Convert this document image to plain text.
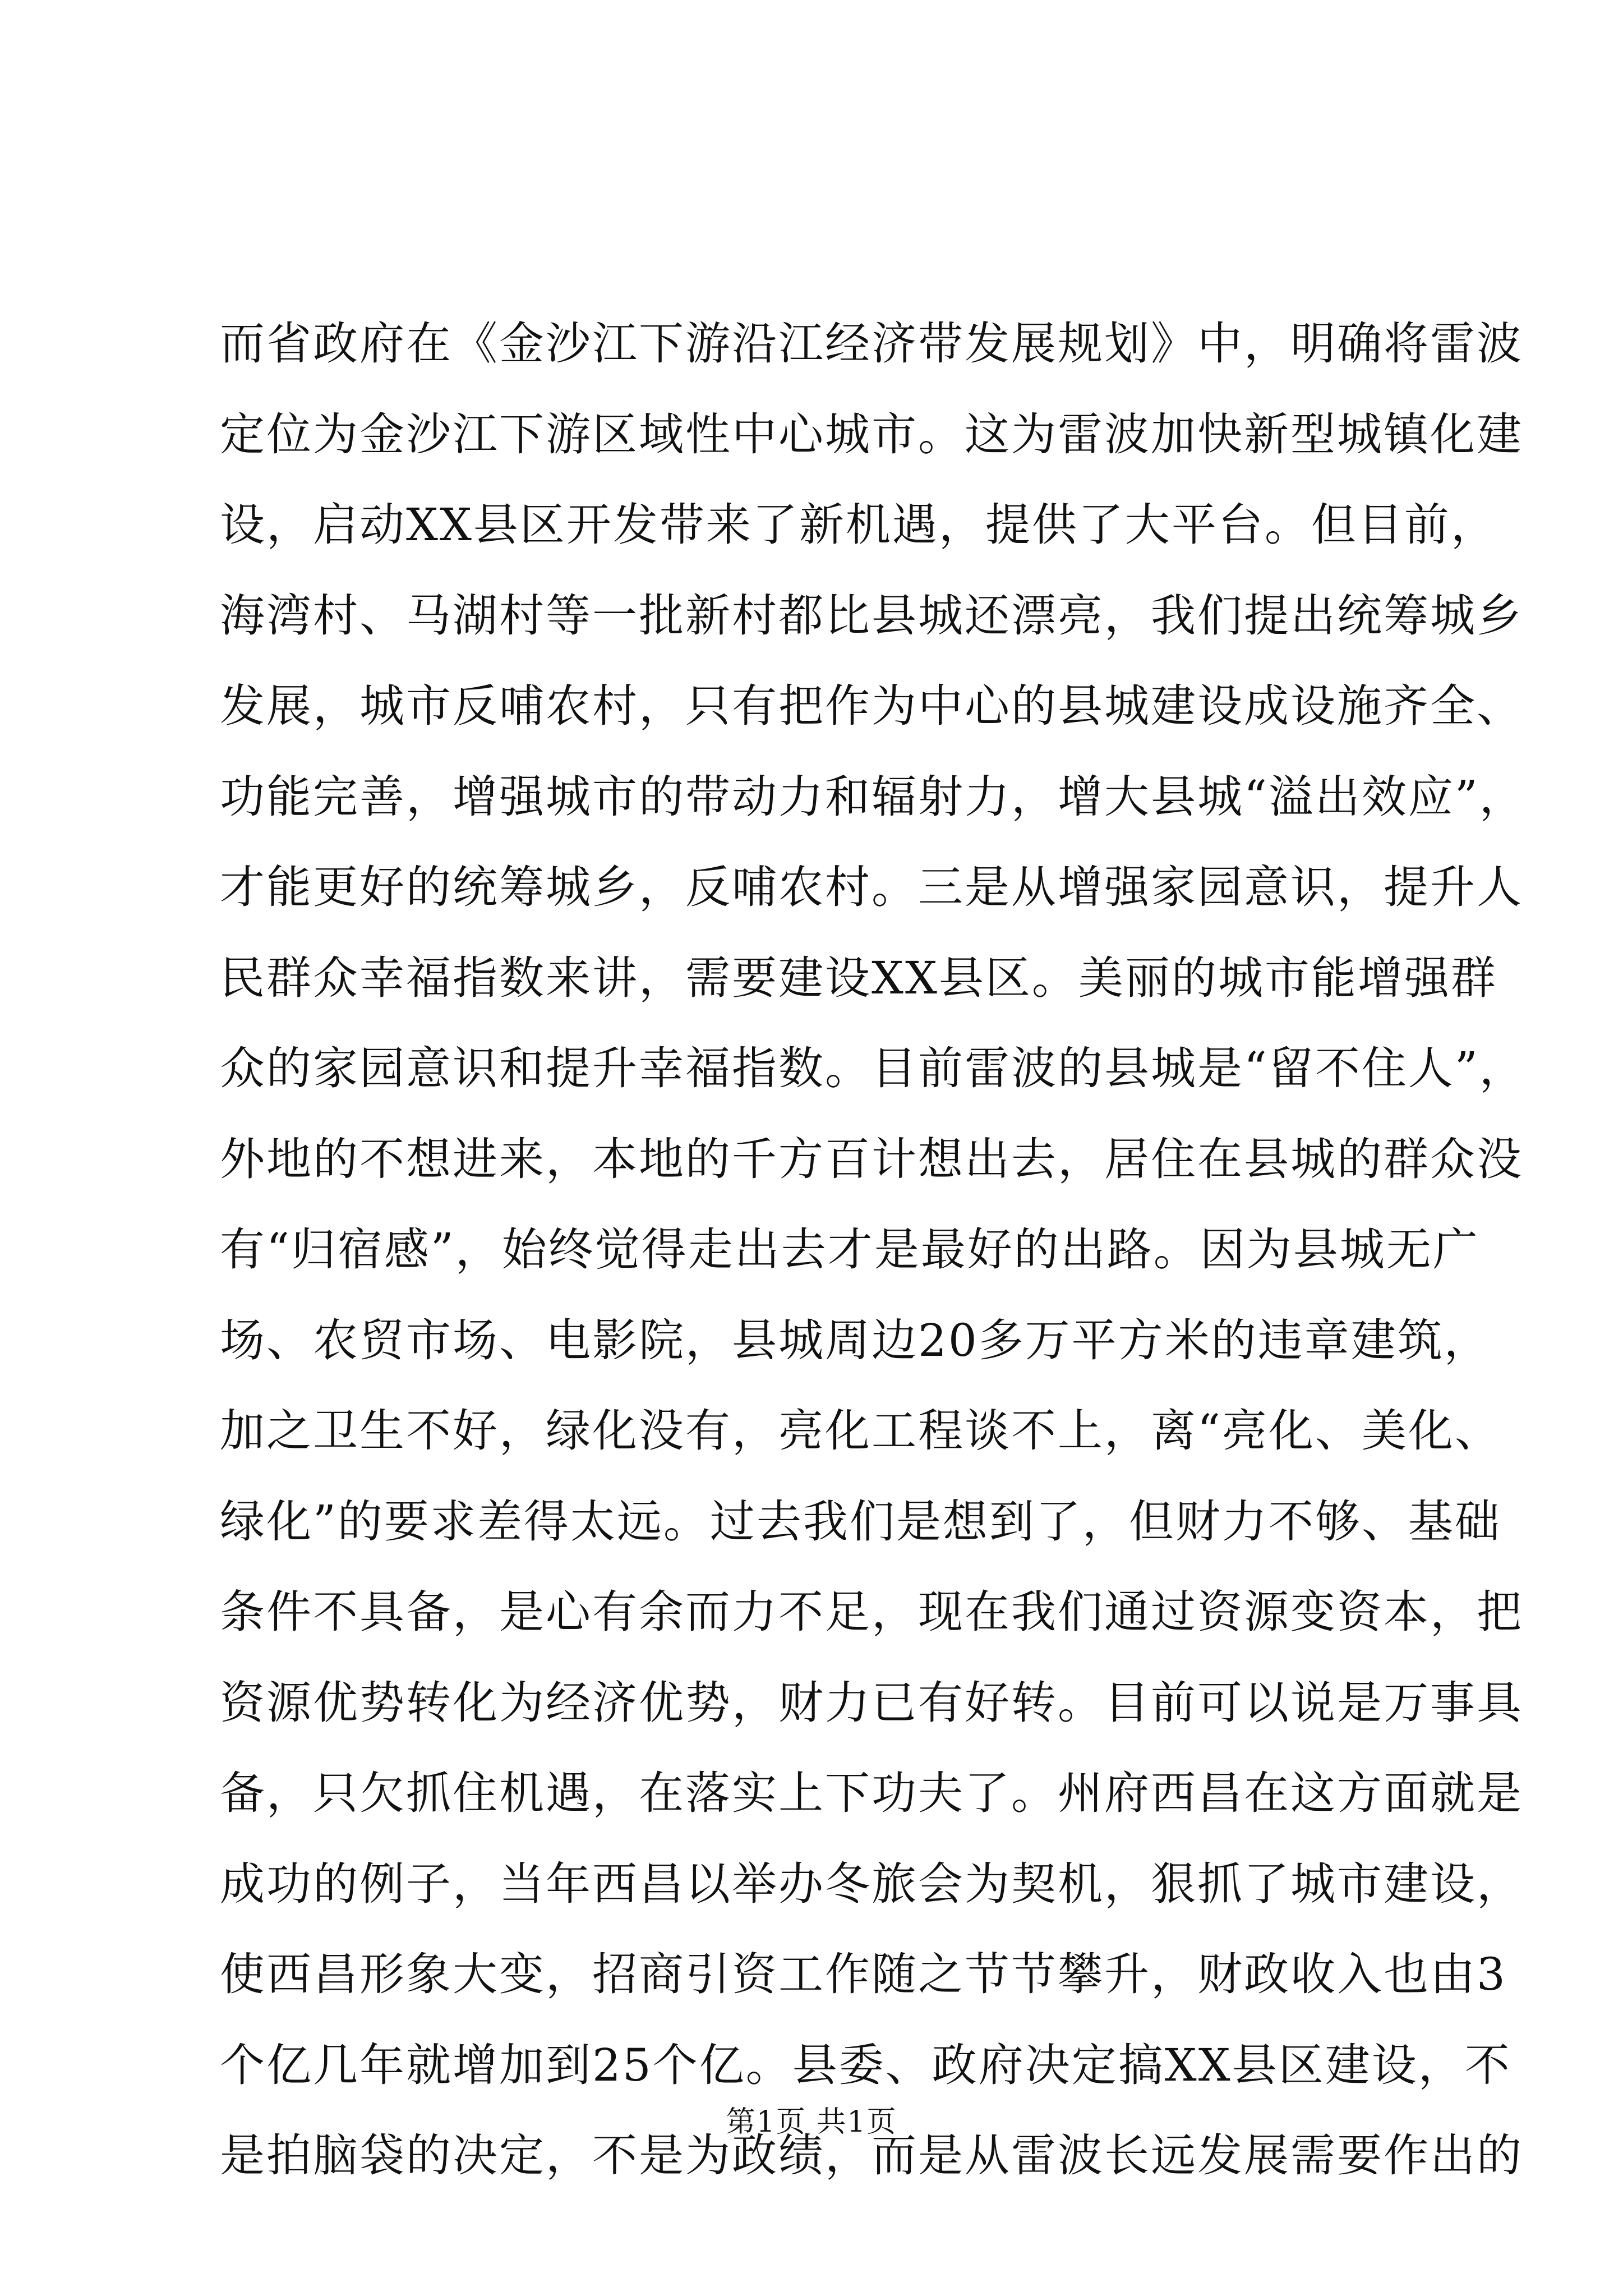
而省政府在《金沙江下游沿江经济带发展规划》中，明确将雷波
定位为金沙江下游区域性中心城市。这为雷波加快新型城镇化建
设，启动XX县区开发带来了新机遇，提供了大平台。但目前，
海湾村、马湖村等一批新村都比县城还漂亮，我们提出统筹城乡
发展，城市反哺农村，只有把作为中心的县城建设成设施齐全、
功能完善，增强城市的带动力和辐射力，增大县城“溢出效应”，
才能更好的统筹城乡，反哺农村。三是从增强家园意识，提升人
民群众幸福指数来讲，需要建设XX县区。美丽的城市能增强群
众的家园意识和提升幸福指数。目前雷波的县城是“留不住人”，
外地的不想进来，本地的千方百计想出去，居住在县城的群众没
有“归宿感”，始终觉得走出去才是最好的出路。因为县城无广
场、农贸市场、电影院，县城周边20多万平方米的违章建筑，
加之卫生不好，绿化没有，亮化工程谈不上，离“亮化、美化、
绿化”的要求差得太远。过去我们是想到了，但财力不够、基础
条件不具备，是心有余而力不足，现在我们通过资源变资本，把
资源优势转化为经济优势，财力已有好转。目前可以说是万事具
备，只欠抓住机遇，在落实上下功夫了。州府西昌在这方面就是
成功的例子，当年西昌以举办冬旅会为契机，狠抓了城市建设，
使西昌形象大变，招商引资工作随之节节攀升，财政收入也由3
个亿几年就增加到25个亿。县委、政府决定搞XX县区建设，不
是拍脑袋的决定，不是为政绩，而是从雷波长远发展需要作出的
第1页 共1页
